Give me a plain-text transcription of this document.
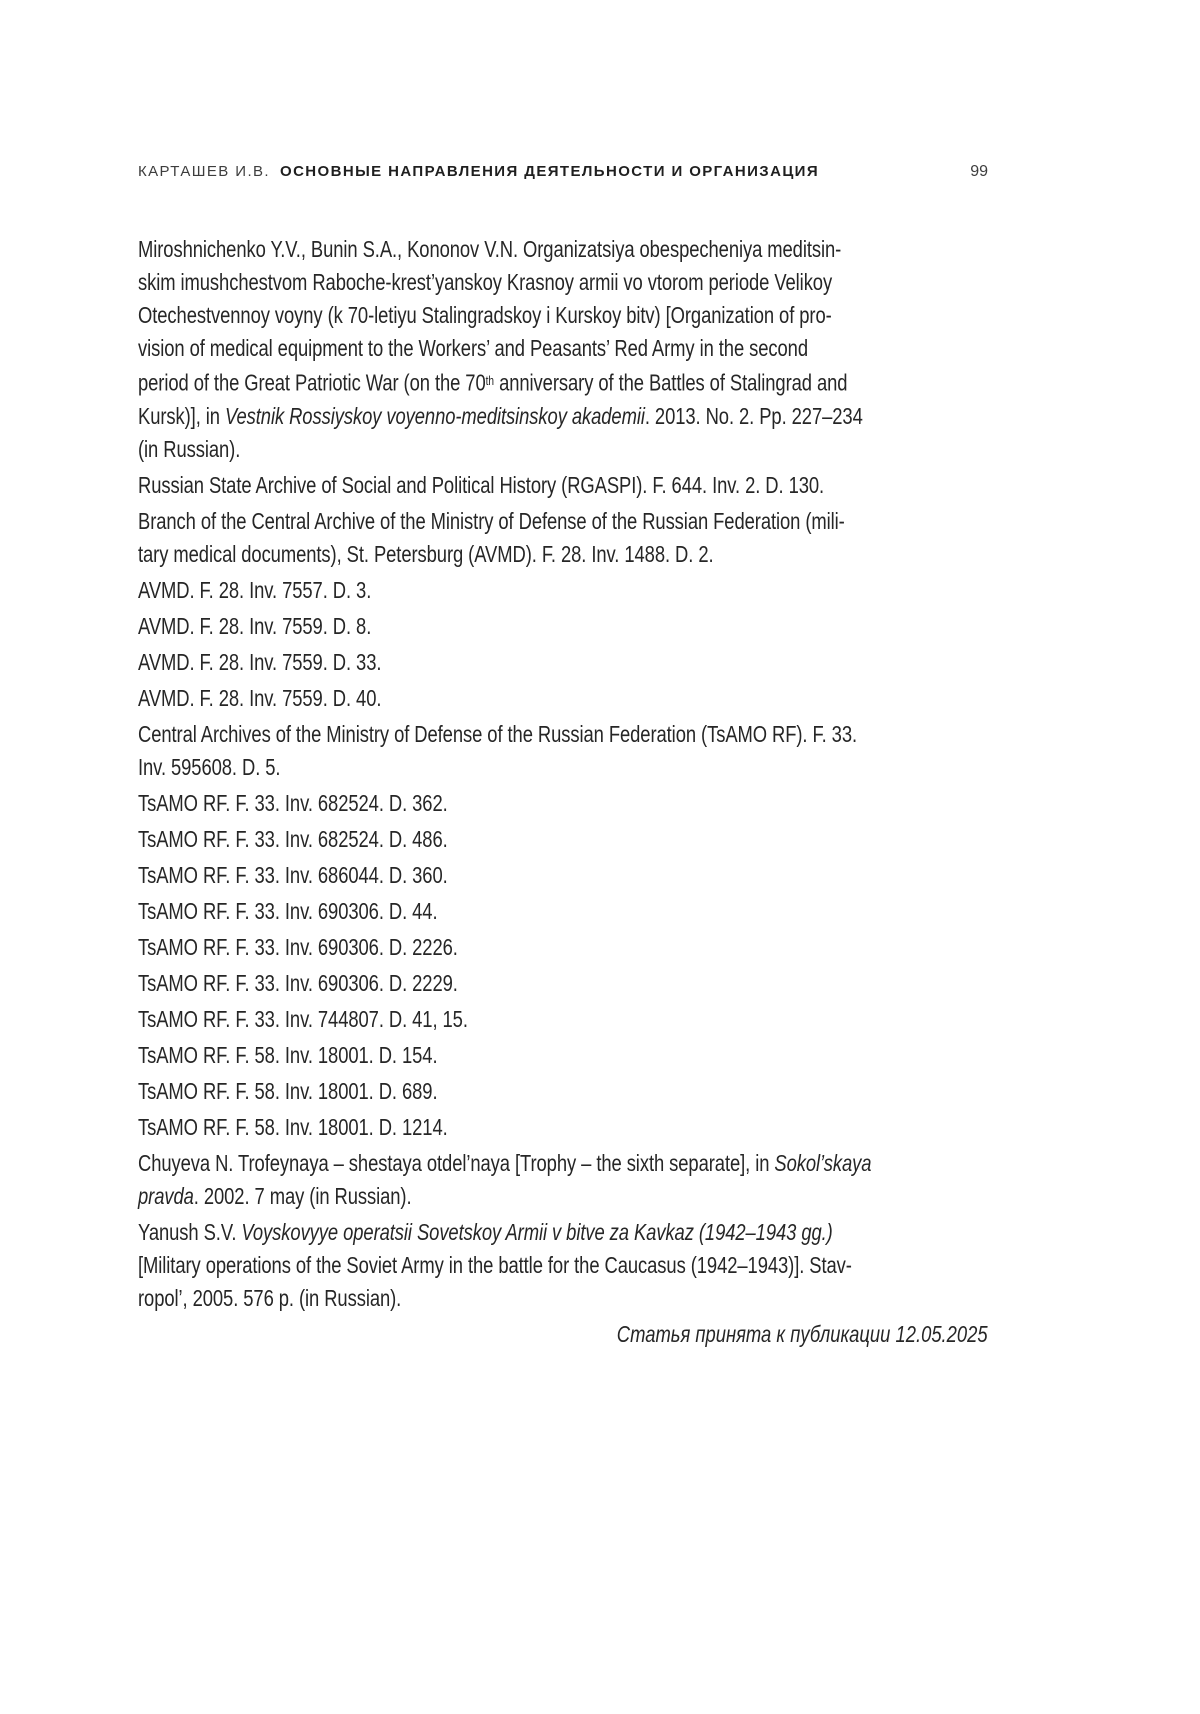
КАРТАШЕВ И.В. ОСНОВНЫЕ НАПРАВЛЕНИЯ ДЕЯТЕЛЬНОСТИ И ОРГАНИЗАЦИЯ	99

Miroshnichenko Y.V., Bunin S.A., Kononov V.N. Organizatsiya obespecheniya meditsin-
skim imushchestvom Raboche-krest’yanskoy Krasnoy armii vo vtorom periode Velikoy
Otechestvennoy voyny (k 70-letiyu Stalingradskoy i Kurskoy bitv) [Organization of pro-
vision of medical equipment to the Workers’ and Peasants’ Red Army in the second
period of the Great Patriotic War (on the 70th anniversary of the Battles of Stalingrad and
Kursk)], in Vestnik Rossiyskoy voyenno-meditsinskoy akademii. 2013. No. 2. Pp. 227–234
(in Russian).

Russian State Archive of Social and Political History (RGASPI). F. 644. Inv. 2. D. 130.

Branch of the Central Archive of the Ministry of Defense of the Russian Federation (mili-
tary medical documents), St. Petersburg (AVMD). F. 28. Inv. 1488. D. 2.

AVMD. F. 28. Inv. 7557. D. 3.

AVMD. F. 28. Inv. 7559. D. 8.

AVMD. F. 28. Inv. 7559. D. 33.

AVMD. F. 28. Inv. 7559. D. 40.

Central Archives of the Ministry of Defense of the Russian Federation (TsAMO RF). F. 33.
Inv. 595608. D. 5.

TsAMO RF. F. 33. Inv. 682524. D. 362.

TsAMO RF. F. 33. Inv. 682524. D. 486.

TsAMO RF. F. 33. Inv. 686044. D. 360.

TsAMO RF. F. 33. Inv. 690306. D. 44.

TsAMO RF. F. 33. Inv. 690306. D. 2226.

TsAMO RF. F. 33. Inv. 690306. D. 2229.

TsAMO RF. F. 33. Inv. 744807. D. 41, 15.

TsAMO RF. F. 58. Inv. 18001. D. 154.

TsAMO RF. F. 58. Inv. 18001. D. 689.

TsAMO RF. F. 58. Inv. 18001. D. 1214.

Chuyeva N. Trofeynaya – shestaya otdel’naya [Trophy – the sixth separate], in Sokol’skaya
pravda. 2002. 7 may (in Russian).

Yanush S.V. Voyskovyye operatsii Sovetskoy Armii v bitve za Kavkaz (1942–1943 gg.)
[Military operations of the Soviet Army in the battle for the Caucasus (1942–1943)]. Stav-
ropol’, 2005. 576 p. (in Russian).

Статья принята к публикации 12.05.2025
